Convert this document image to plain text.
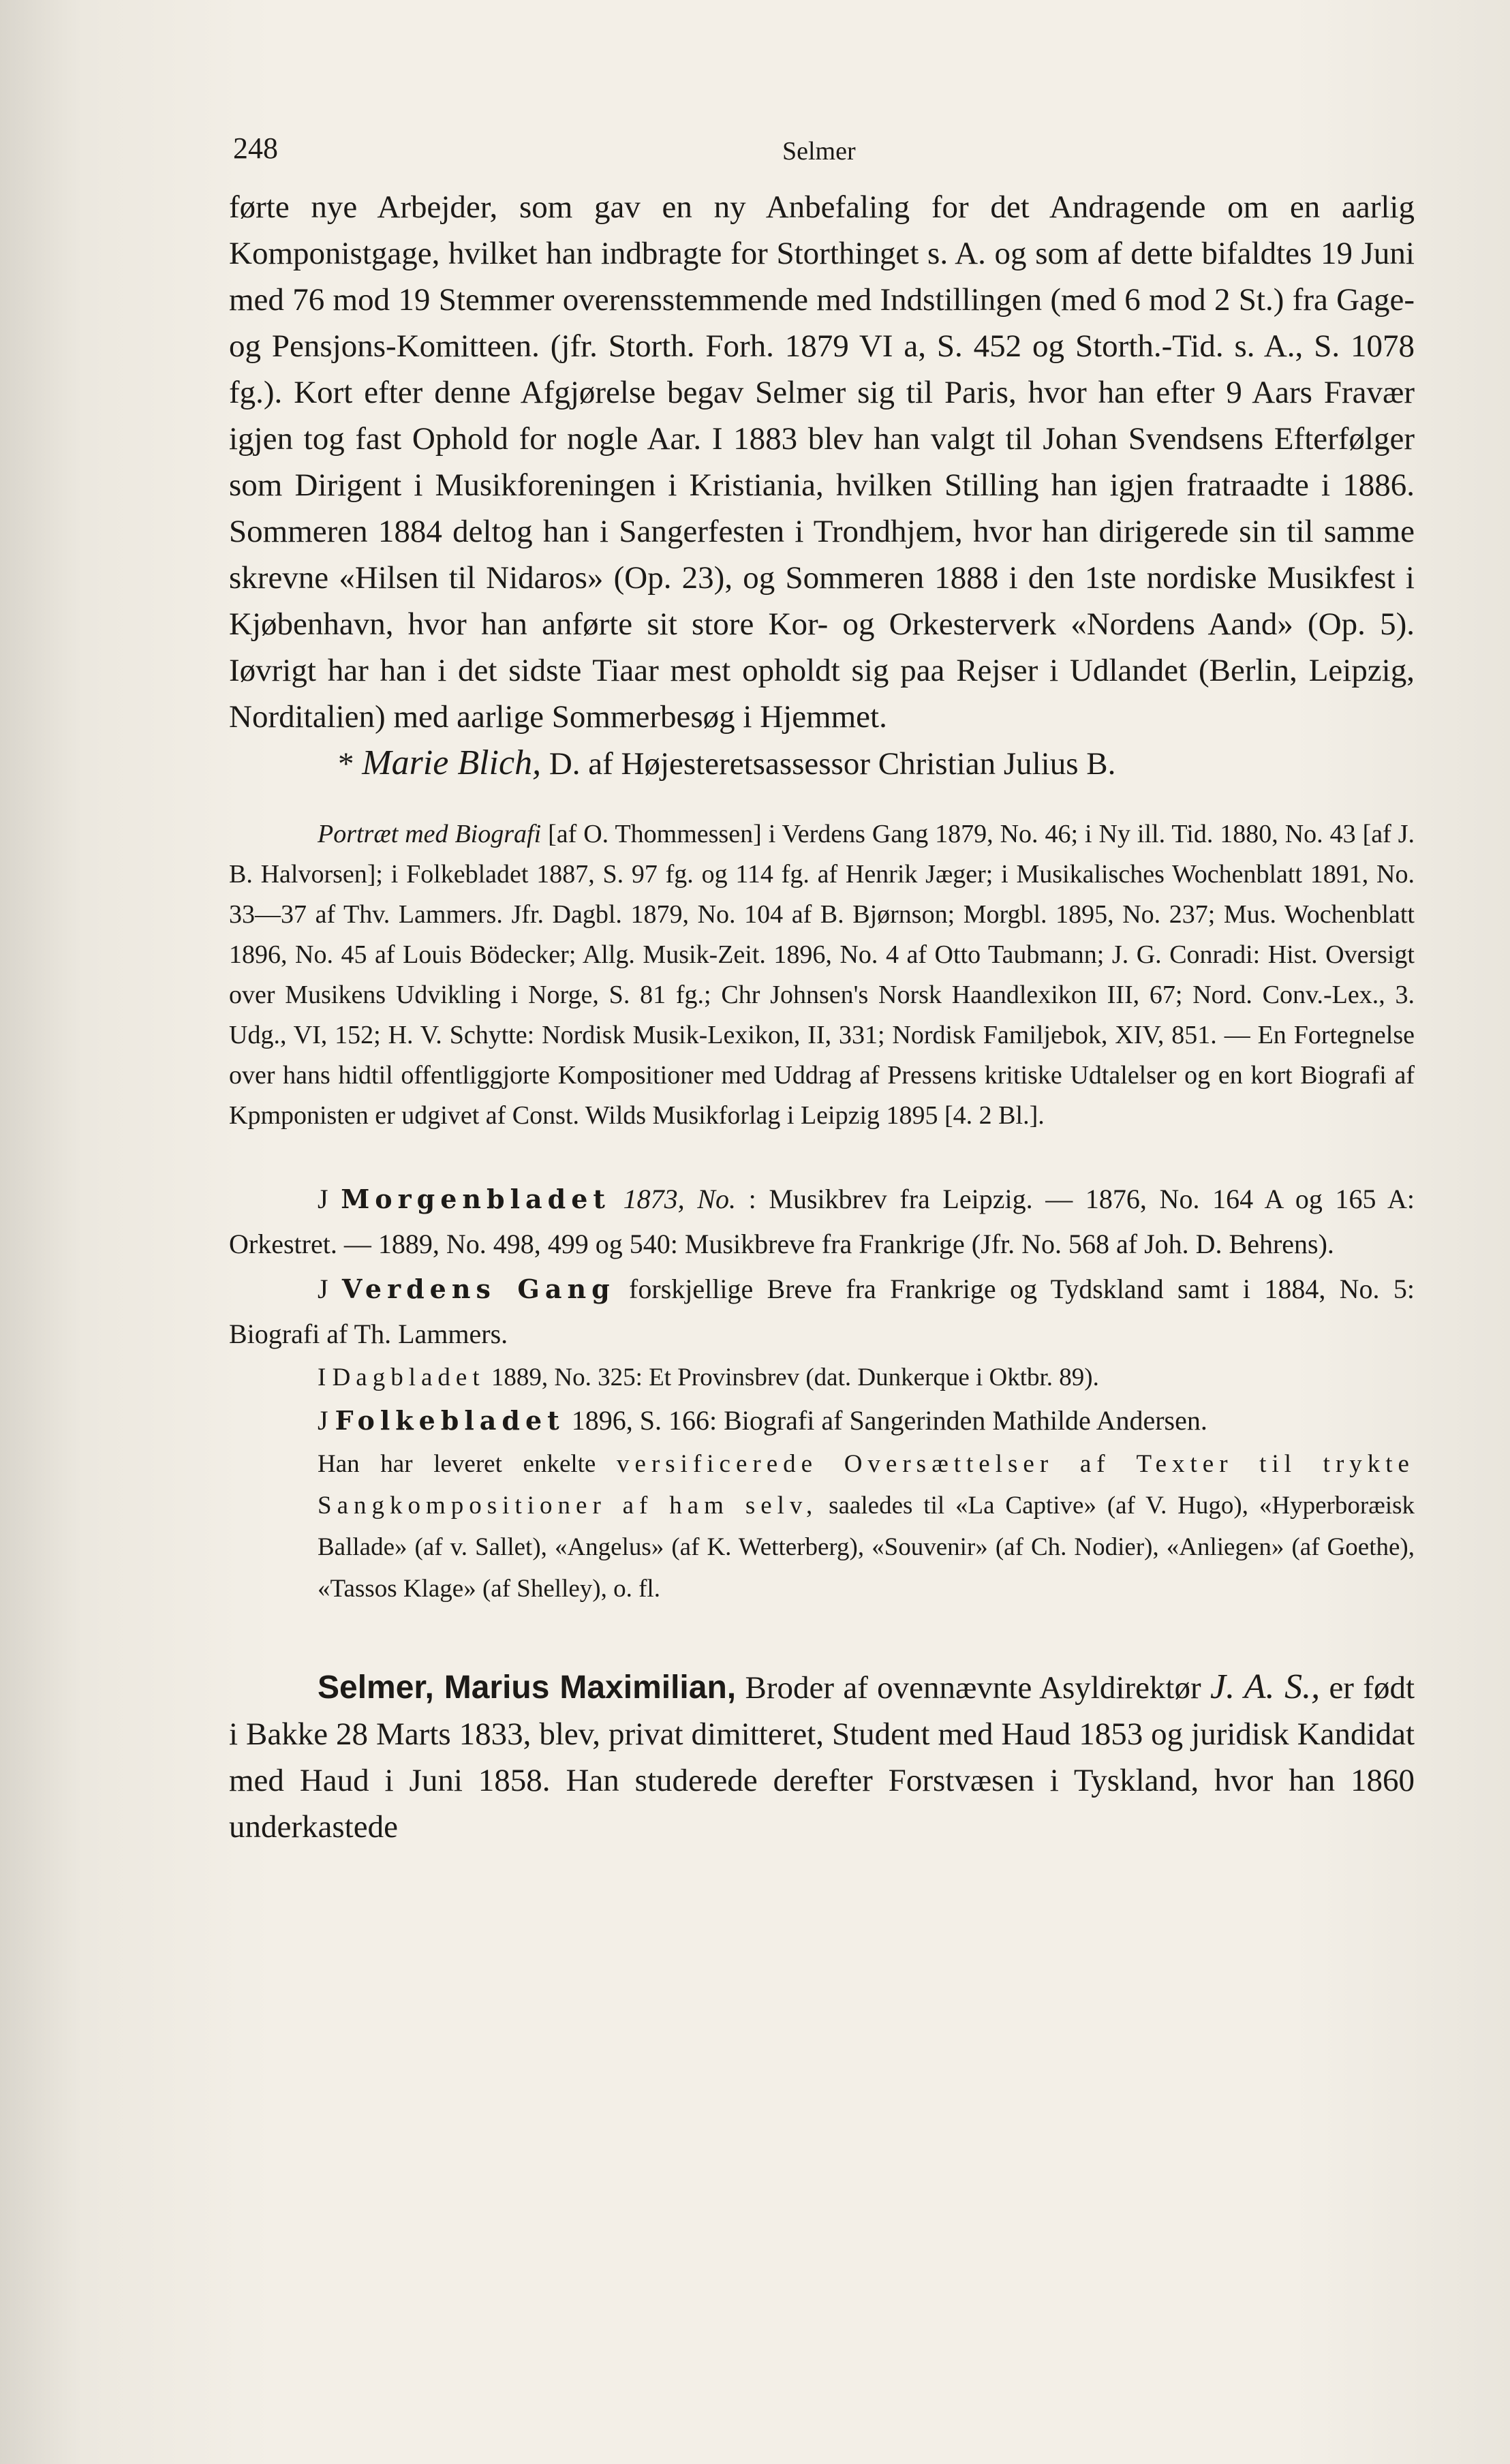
248	Selmer

førte nye Arbejder, som gav en ny Anbefaling for det Andragende om en aarlig Komponistgage, hvilket han indbragte for Storthinget s. A. og som af dette bifaldtes 19 Juni med 76 mod 19 Stemmer overensstemmende med Indstillingen (med 6 mod 2 St.) fra Gage- og Pensjons-Komitteen. (jfr. Storth. Forh. 1879 VI a, S. 452 og Storth.-Tid. s. A., S. 1078 fg.). Kort efter denne Afgjørelse begav Selmer sig til Paris, hvor han efter 9 Aars Fravær igjen tog fast Ophold for nogle Aar. I 1883 blev han valgt til Johan Svendsens Efterfølger som Dirigent i Musikforeningen i Kristiania, hvilken Stilling han igjen fratraadte i 1886. Sommeren 1884 deltog han i Sangerfesten i Trondhjem, hvor han dirigerede sin til samme skrevne «Hilsen til Nidaros» (Op. 23), og Sommeren 1888 i den 1ste nordiske Musikfest i Kjøbenhavn, hvor han anførte sit store Kor- og Orkesterverk «Nordens Aand» (Op. 5). Iøvrigt har han i det sidste Tiaar mest opholdt sig paa Rejser i Udlandet (Berlin, Leipzig, Norditalien) med aarlige Sommerbesøg i Hjemmet.

* Marie Blich, D. af Højesteretsassessor Christian Julius B.

Portræt med Biografi [af O. Thommessen] i Verdens Gang 1879, No. 46; i Ny ill. Tid. 1880, No. 43 [af J. B. Halvorsen]; i Folkebladet 1887, S. 97 fg. og 114 fg. af Henrik Jæger; i Musikalisches Wochenblatt 1891, No. 33—37 af Thv. Lammers. Jfr. Dagbl. 1879, No. 104 af B. Bjørnson; Morgbl. 1895, No. 237; Mus. Wochenblatt 1896, No. 45 af Louis Bödecker; Allg. Musik-Zeit. 1896, No. 4 af Otto Taubmann; J. G. Conradi: Hist. Oversigt over Musikens Udvikling i Norge, S. 81 fg.; Chr Johnsen's Norsk Haandlexikon III, 67; Nord. Conv.-Lex., 3. Udg., VI, 152; H. V. Schytte: Nordisk Musik-Lexikon, II, 331; Nordisk Familjebok, XIV, 851. — En Fortegnelse over hans hidtil offentliggjorte Kompositioner med Uddrag af Pressens kritiske Udtalelser og en kort Biografi af Kpmponisten er udgivet af Const. Wilds Musikforlag i Leipzig 1895 [4. 2 Bl.].

J Morgenbladet 1873, No. : Musikbrev fra Leipzig. — 1876, No. 164 A og 165 A: Orkestret. — 1889, No. 498, 499 og 540: Musikbreve fra Frankrige (Jfr. No. 568 af Joh. D. Behrens).

J Verdens Gang forskjellige Breve fra Frankrige og Tydskland samt i 1884, No. 5: Biografi af Th. Lammers.

I Dagbladet 1889, No. 325: Et Provinsbrev (dat. Dunkerque i Oktbr. 89).

J Folkebladet 1896, S. 166: Biografi af Sangerinden Mathilde Andersen.

Han har leveret enkelte versificerede Oversættelser af Texter til trykte Sangkompositioner af ham selv, saaledes til «La Captive» (af V. Hugo), «Hyperboræisk Ballade» (af v. Sallet), «Angelus» (af K. Wetterberg), «Souvenir» (af Ch. Nodier), «Anliegen» (af Goethe), «Tassos Klage» (af Shelley), o. fl.

Selmer, Marius Maximilian, Broder af ovennævnte Asyldirektør J. A. S., er født i Bakke 28 Marts 1833, blev, privat dimitteret, Student med Haud 1853 og juridisk Kandidat med Haud i Juni 1858. Han studerede derefter Forstvæsen i Tyskland, hvor han 1860 underkastede
